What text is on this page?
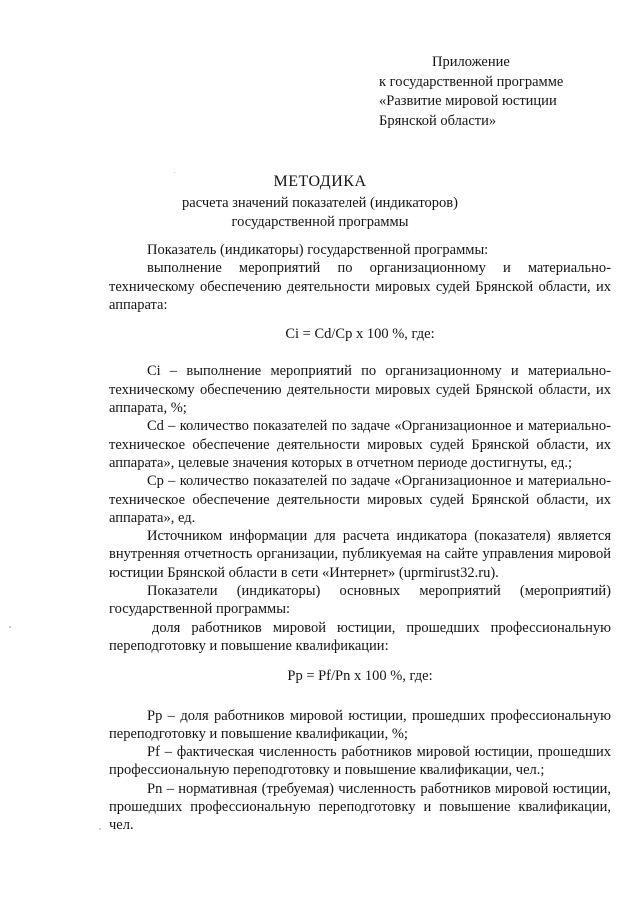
Приложение
к государственной программе
«Развитие мировой юстиции
Брянской области»
МЕТОДИКА
расчета значений показателей (индикаторов)
государственной программы

Показатель (индикаторы) государственной программы:

выполнение мероприятий по организационному и материально-техническому обеспечению деятельности мировых судей Брянской области, их аппарата:

Ci = Cd/Cp x 100 %, где:

Ci – выполнение мероприятий по организационному и материально-техническому обеспечению деятельности мировых судей Брянской области, их аппарата, %;

Cd – количество показателей по задаче «Организационное и материально-техническое обеспечение деятельности мировых судей Брянской области, их аппарата», целевые значения которых в отчетном периоде достигнуты, ед.;

Cp – количество показателей по задаче «Организационное и материально-техническое обеспечение деятельности мировых судей Брянской области, их аппарата», ед.

Источником информации для расчета индикатора (показателя) является внутренняя отчетность организации, публикуемая на сайте управления мировой юстиции Брянской области в сети «Интернет» (uprmirust32.ru).

Показатели (индикаторы) основных мероприятий (мероприятий) государственной программы:

доля работников мировой юстиции, прошедших профессиональную переподготовку и повышение квалификации:

Pp = Pf/Pn x 100 %, где:

Pp – доля работников мировой юстиции, прошедших профессиональную переподготовку и повышение квалификации, %;

Pf – фактическая численность работников мировой юстиции, прошедших профессиональную переподготовку и повышение квалификации, чел.;

Pn – нормативная (требуемая) численность работников мировой юстиции, прошедших профессиональную переподготовку и повышение квалификации, чел.
